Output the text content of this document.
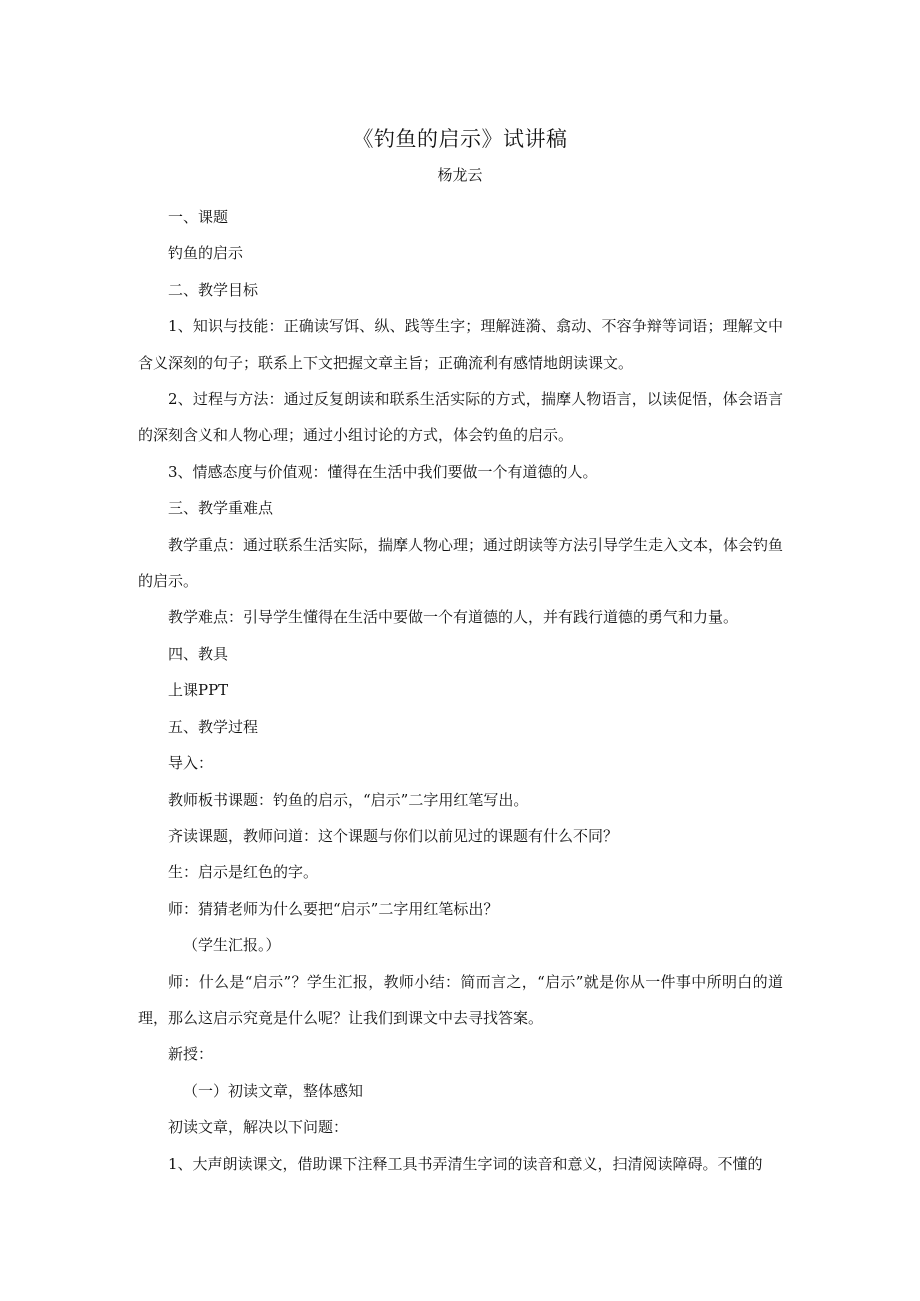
《钓鱼的启示》试讲稿
杨龙云

一、课题

钓鱼的启示

二、教学目标

1、知识与技能：正确读写饵、纵、践等生字；理解涟漪、翕动、不容争辩等词语；理解文中含义深刻的句子；联系上下文把握文章主旨；正确流利有感情地朗读课文。

2、过程与方法：通过反复朗读和联系生活实际的方式，揣摩人物语言，以读促悟，体会语言的深刻含义和人物心理；通过小组讨论的方式，体会钓鱼的启示。

3、情感态度与价值观：懂得在生活中我们要做一个有道德的人。

三、教学重难点

教学重点：通过联系生活实际，揣摩人物心理；通过朗读等方法引导学生走入文本，体会钓鱼的启示。

教学难点：引导学生懂得在生活中要做一个有道德的人，并有践行道德的勇气和力量。

四、教具

上课PPT

五、教学过程

导入：

教师板书课题：钓鱼的启示，“启示”二字用红笔写出。

齐读课题，教师问道：这个课题与你们以前见过的课题有什么不同？

生：启示是红色的字。

师：猜猜老师为什么要把“启示”二字用红笔标出？

（学生汇报。）

师：什么是“启示”？学生汇报，教师小结：简而言之，“启示”就是你从一件事中所明白的道理，那么这启示究竟是什么呢？让我们到课文中去寻找答案。

新授：

（一）初读文章，整体感知

初读文章，解决以下问题：

1、大声朗读课文，借助课下注释工具书弄清生字词的读音和意义，扫清阅读障碍。不懂的
